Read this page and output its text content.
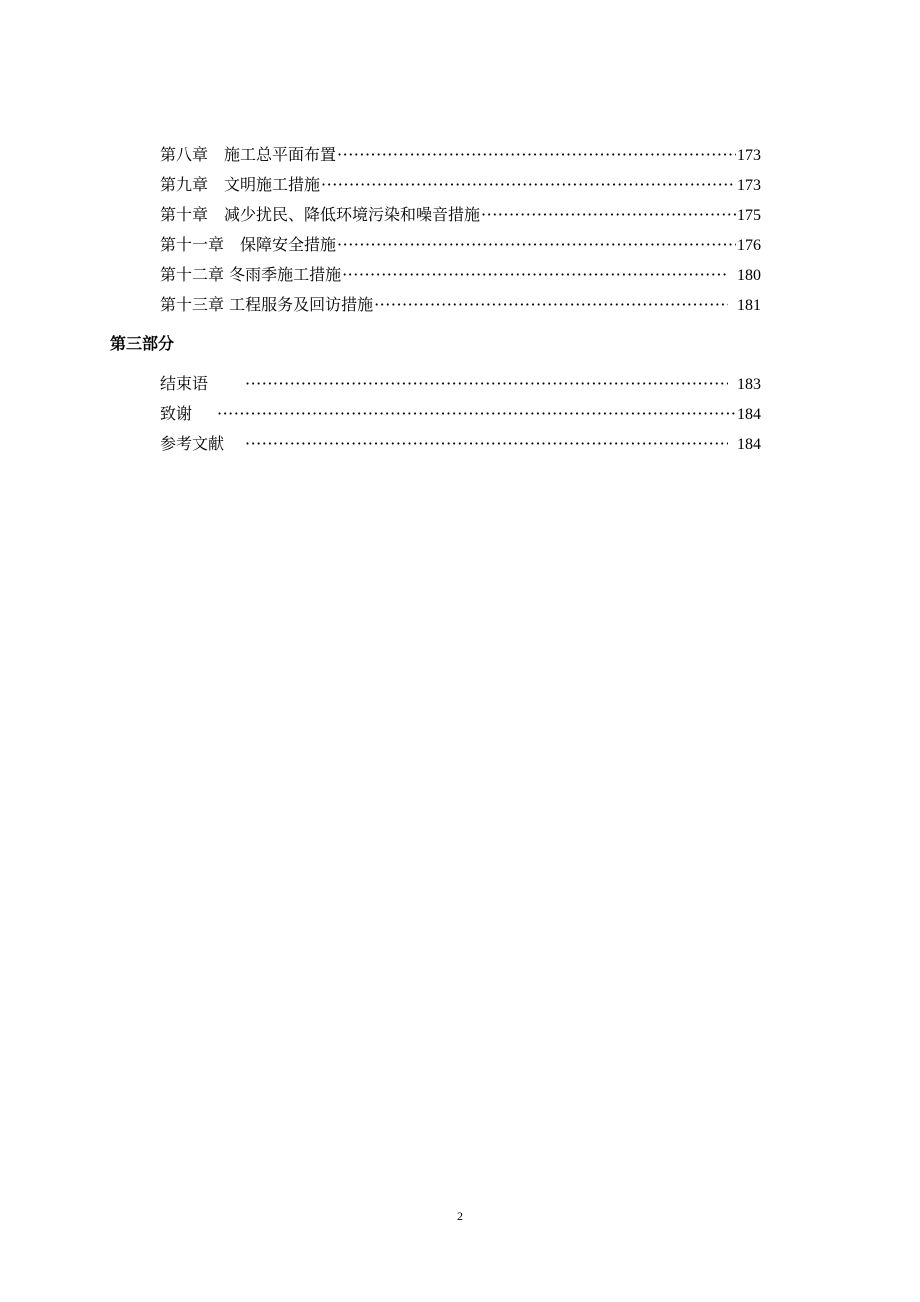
第八章　施工总平面布置 ·····	173
第九章　文明施工措施 ·····	173
第十章　减少扰民、降低环境污染和噪音措施 ·····	175
第十一章　保障安全措施 ·····	176
第十二章 冬雨季施工措施 ·····	180
第十三章 工程服务及回访措施 ·····	181
第三部分
结束语　 ·····	183
致谢 ·····	184
参考文献 ·····	184
2
